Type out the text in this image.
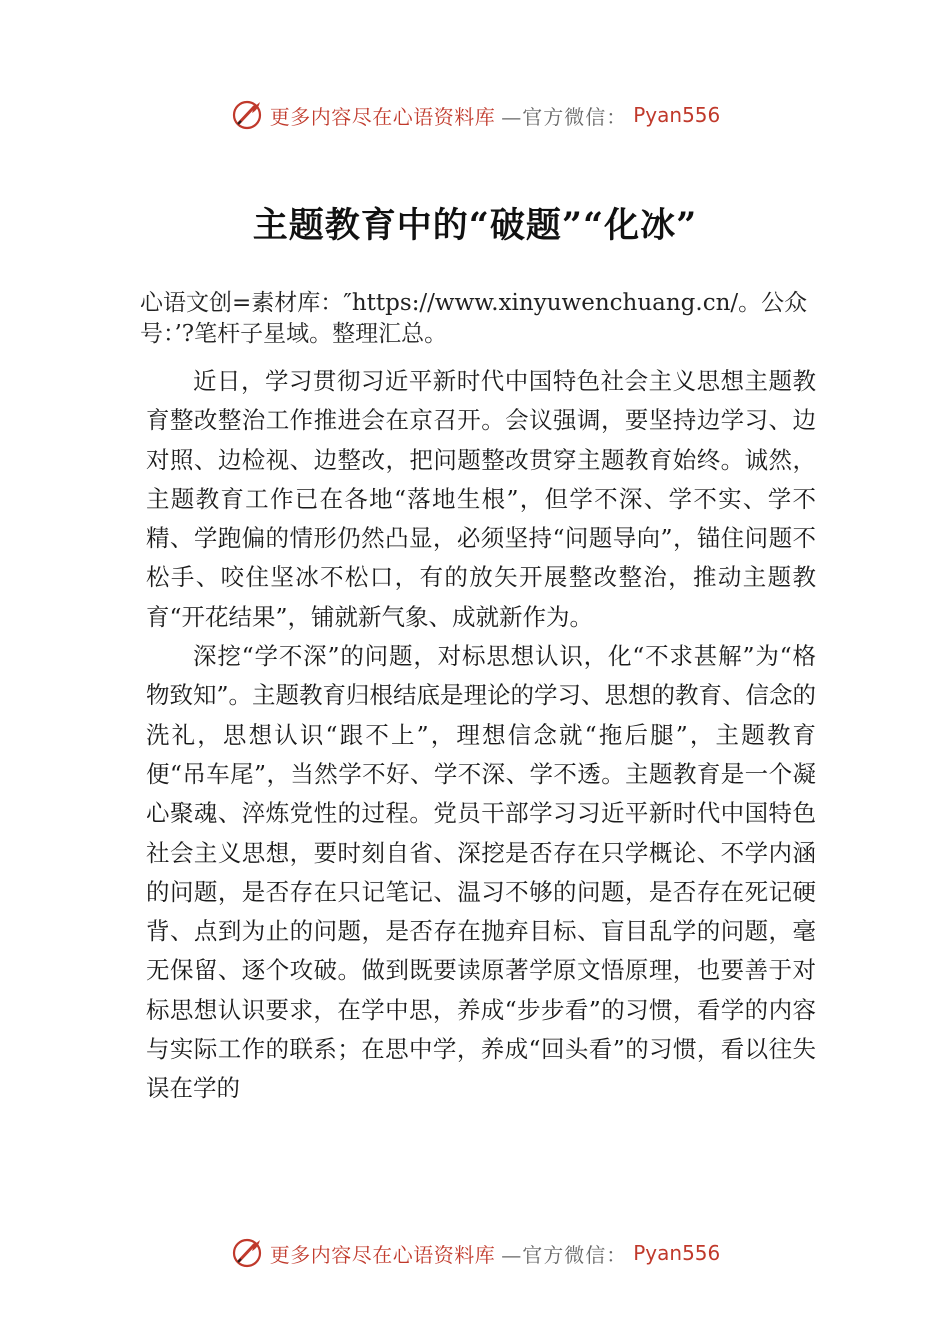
更多内容尽在心语资料库 —官方微信： Pyan556
主题教育中的“破题”“化冰”
心语文创=素材库：″https://www.xinyuwenchuang.cn/。公众号：’?笔杆子星域。整理汇总。

近日，学习贯彻习近平新时代中国特色社会主义思想主题教育整改整治工作推进会在京召开。会议强调，要坚持边学习、边对照、边检视、边整改，把问题整改贯穿主题教育始终。诚然，主题教育工作已在各地“落地生根”，但学不深、学不实、学不精、学跑偏的情形仍然凸显，必须坚持“问题导向”，锚住问题不松手、咬住坚冰不松口，有的放矢开展整改整治，推动主题教育“开花结果”，铺就新气象、成就新作为。

深挖“学不深”的问题，对标思想认识，化“不求甚解”为“格物致知”。主题教育归根结底是理论的学习、思想的教育、信念的洗礼，思想认识“跟不上”，理想信念就“拖后腿”，主题教育便“吊车尾”，当然学不好、学不深、学不透。主题教育是一个凝心聚魂、淬炼党性的过程。党员干部学习习近平新时代中国特色社会主义思想，要时刻自省、深挖是否存在只学概论、不学内涵的问题，是否存在只记笔记、温习不够的问题，是否存在死记硬背、点到为止的问题，是否存在抛弃目标、盲目乱学的问题，毫无保留、逐个攻破。做到既要读原著学原文悟原理，也要善于对标思想认识要求，在学中思，养成“步步看”的习惯，看学的内容与实际工作的联系；在思中学，养成“回头看”的习惯，看以往失误在学的

更多内容尽在心语资料库 —官方微信： Pyan556
